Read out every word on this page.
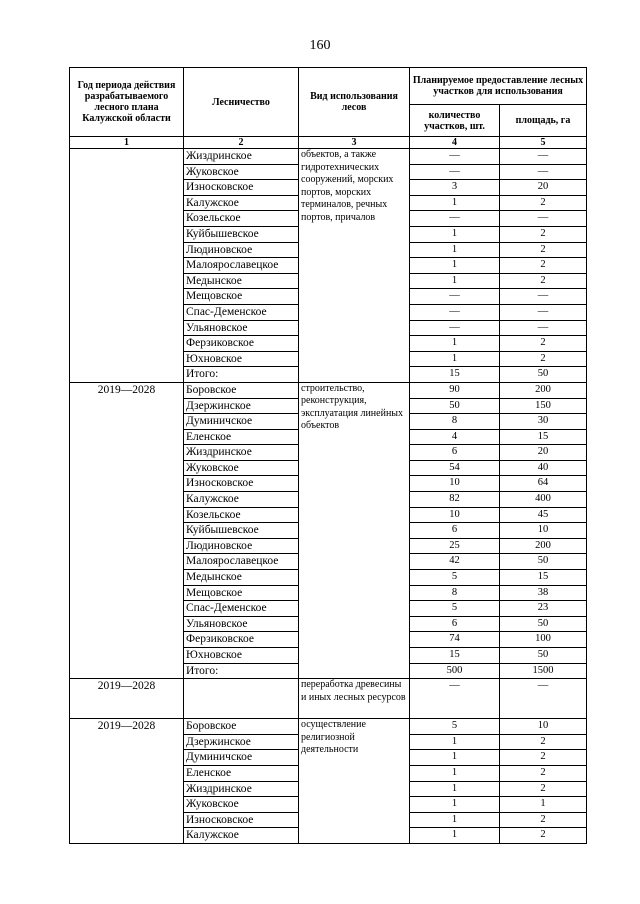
160
Год периода действия разрабатываемого лесного плана Калужской области	Лесничество	Вид использования лесов	Планируемое предоставление лесных участков для использования	
			количество участков, шт.	площадь, га
1	2	3	4	5
	Жиздринское	объектов, а также гидротехнических сооружений, морских портов, морских терминалов, речных портов, причалов	—	—
	Жуковское		—	—
	Износковское		3	20
	Калужское		1	2
	Козельское		—	—
	Куйбышевское		1	2
	Людиновское		1	2
	Малоярославецкое		1	2
	Медынское		1	2
	Мещовское		—	—
	Спас-Деменское		—	—
	Ульяновское		—	—
	Ферзиковское		1	2
	Юхновское		1	2
	Итого:		15	50
2019—2028	Боровское	строительство, реконструкция, эксплуатация линейных объектов	90	200
	Дзержинское		50	150
	Думиничское		8	30
	Еленское		4	15
	Жиздринское		6	20
	Жуковское		54	40
	Износковское		10	64
	Калужское		82	400
	Козельское		10	45
	Куйбышевское		6	10
	Людиновское		25	200
	Малоярославецкое		42	50
	Медынское		5	15
	Мещовское		8	38
	Спас-Деменское		5	23
	Ульяновское		6	50
	Ферзиковское		74	100
	Юхновское		15	50
	Итого:		500	1500
2019—2028		переработка древесины и иных лесных ресурсов	—	—
2019—2028	Боровское	осуществление религиозной деятельности	5	10
	Дзержинское		1	2
	Думиничское		1	2
	Еленское		1	2
	Жиздринское		1	2
	Жуковское		1	1
	Износковское		1	2
	Калужское		1	2
